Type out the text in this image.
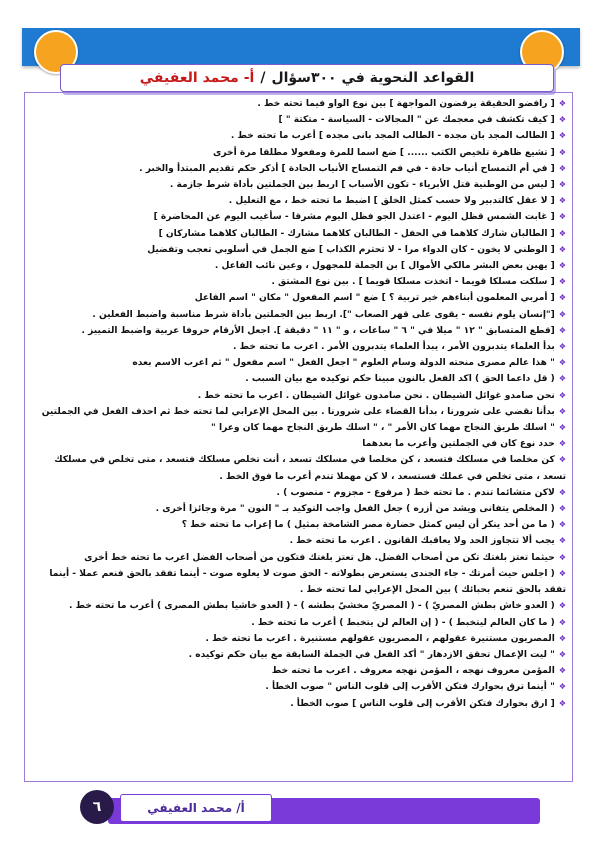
القواعد النحوية في ٣٠٠سؤال
/
أ- محمد العفيفي
❖[ رافضو الحقيقة يرفضون المواجهة ] بين نوع الواو فيما تحته خط .
❖[ كيف تكشف في معجمك عن " المجالات - السياسة - متكتة " ]
❖[ الطالب المجد بان مجده - الطالب المجد بانى مجده ] أعرب ما تحته خط .
❖[ تشيع ظاهرة تلخيص الكتب ...... ] ضع اسما للمرة ومفعولا مطلقا مرة أخرى
❖[ في أم التمساح أنياب حادة - في فم التمساح الأنياب الحادة ] أذكر حكم تقديم المبتدأ والخبر .
❖[ ليس من الوطنية قتل الأبرياء - تكون الأسباب ] اربط بين الجملتين بأداة شرط جازمة .
❖[ لا عقل كالتدبير ولا حسب كمثل الخلق ] اضبط ما تحته خط ، مع التعليل .
❖[ غابت الشمس قظل اليوم - اعتدل الجو فظل اليوم مشرقا - سأغيب اليوم عن المحاضرة ]
❖[ الطالبان شارك كلاهما في الحفل - الطالبان كلاهما مشارك - الطالبان كلاهما مشاركان ]
❖[ الوطني لا يخون - كان الدواء مرا - لا تحترم الكذاب ] ضع الجمل في أسلوبي تعجب وتفضيل
❖[ يهين بعض البشر مالكي الأموال ] بن الجملة للمجهول ، وعين نائب الفاعل .
❖[ سلكت مسلكا قويما - اتخذت مسلكا قويما ] . بين نوع المشتق .
❖[ أمربي المعلمون أبناءهم خير تربية ؟ ] ضع " اسم المفعول " مكان " اسم الفاعل
❖["إنسان يلوم نفسه - يقوى على قهر الصعاب "]. اربط بين الجملتين بأداة شرط مناسبة واضبط الفعلين .
❖[قطع المتسابق " ١٢ " ميلا في " ٦ " ساعات ، و " ١١ " دقيقة ]. اجعل الأرقام حروفا عربية واضبط التمييز .
❖بدأ العلماء يتدبرون الأمر ، يبدأ العلماء يتدبرون الأمر . اعرب ما تحته خط .
❖" هذا عالم مصرى منحته الدولة وسام العلوم " اجعل الفعل " اسم مفعول " ثم اعرب الاسم بعده
❖( قل داعما الحق ) اكد الفعل بالنون مبينا حكم توكيده مع بيان السبب .
❖نحن صامدو غوائل الشيطان . نحن صامدون غوائل الشيطان . اعرب ما تحته خط .
❖بدأنا نقضي على شرورنا ، بدأنا القضاء على شرورنا . بين المحل الإعرابي لما تحته خط ثم احذف الفعل في الجملتين
❖" اسلك طريق النجاح مهما كان الأمر " ، " اسلك طريق النجاح مهما كان وعرا "
❖حدد نوع كان في الجملتين وأعرب ما بعدهما
❖كن مخلصا في مسلكك فتسعد ، كن مخلصا في مسلكك تسعد ، أنت تخلص مسلكك فتسعد ، متى تخلص في مسلكك تسعد ، متى تخلص في عملك فستسعد ، لا كن مهملا تندم أعرب ما فوق الخط .
❖لاكن متشائما تندم . ما تحته خط ( مرفوع - مجزوم - منصوب ) .
❖( المخلص يتفانى ويشد من أزره ) جعل الفعل واجب التوكيد بـ " النون " مرة وجائزا أخرى .
❖( ما من أحد ينكر أن ليس كمثل حضارة مصر الشامخة بمثيل ) ما إعراب ما تحته خط ؟
❖يجب ألا تتجاوز الحد ولا يعاقبك القانون . اعرب ما تحته خط .
❖حيثما تعتز بلغتك تكن من أصحاب الفضل. هل تعتز بلغتك فتكون من أصحاب الفضل اعرب ما تحته خط أخرى
❖( اجلس حيث أمرتك - جاء الجندى يستعرض بطولاته - الحق صوت لا يعلوه صوت - أينما تفقد بالحق فنعم عملا - أينما تفقد بالحق تنعم بحبائك ) بين المحل الإعرابي لما تحته خط .
❖( العدو خاش بطش المصريّ ) - ( المصريّ مخشيّ بطشه ) - ( العدو خاشيا بطش المصرى ) أعرب ما تحته خط .
❖( ما كان العالم ليتخبط ) - ( إن العالم لن يتخبط ) أعرب ما تحته خط .
❖المصريون مستنيرة عقولهم ، المصريون عقولهم مستنيرة . اعرب ما تحته خط .
❖" ليت الإعمال تحقق الازدهار " أكد الفعل في الجملة السابقة مع بيان حكم توكيده .
❖المؤمن معروف نهجه ، المؤمن نهجه معروف . اعرب ما تحته خط
❖" أينما ترق بحوارك فتكن الأقرب إلى قلوب الناس " صوب الخطأ .
❖[ ارق بحوارك فتكن الأقرب إلى قلوب الناس ] صوب الخطأ .
أ/ محمد العفيفي
٦
